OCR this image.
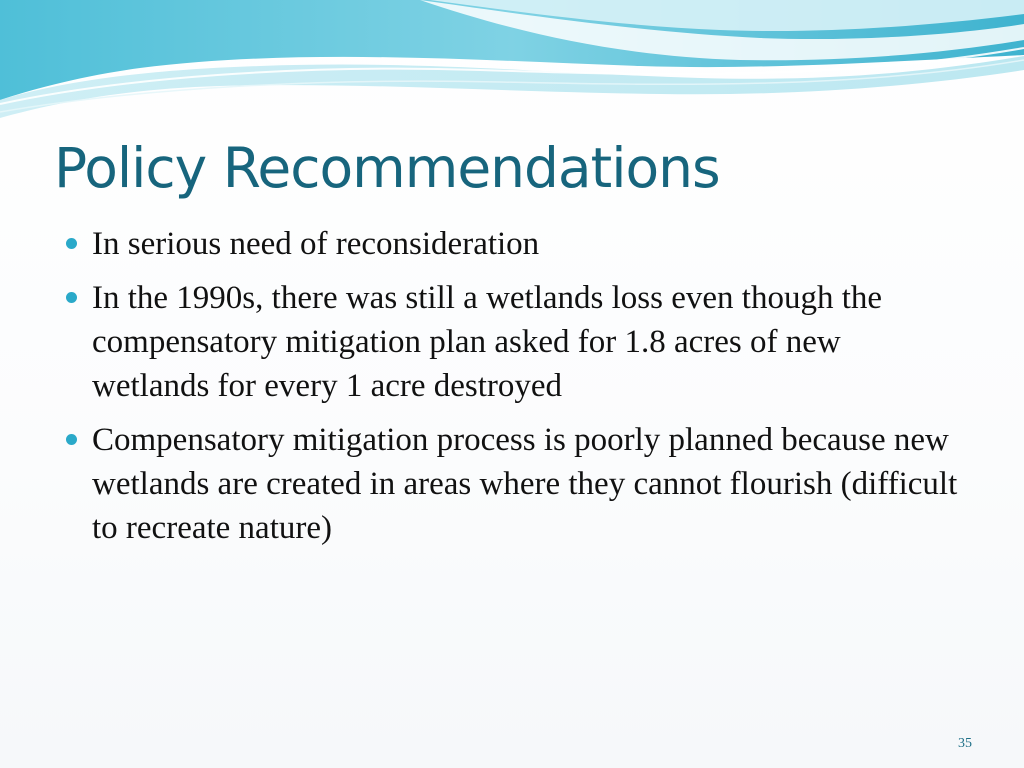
Policy Recommendations
In serious need of reconsideration
In the 1990s, there was still a wetlands loss even though the compensatory mitigation plan asked for 1.8 acres of new wetlands for every 1 acre destroyed
Compensatory mitigation process is poorly planned because new wetlands are created in areas where they cannot flourish (difficult to recreate nature)
35
